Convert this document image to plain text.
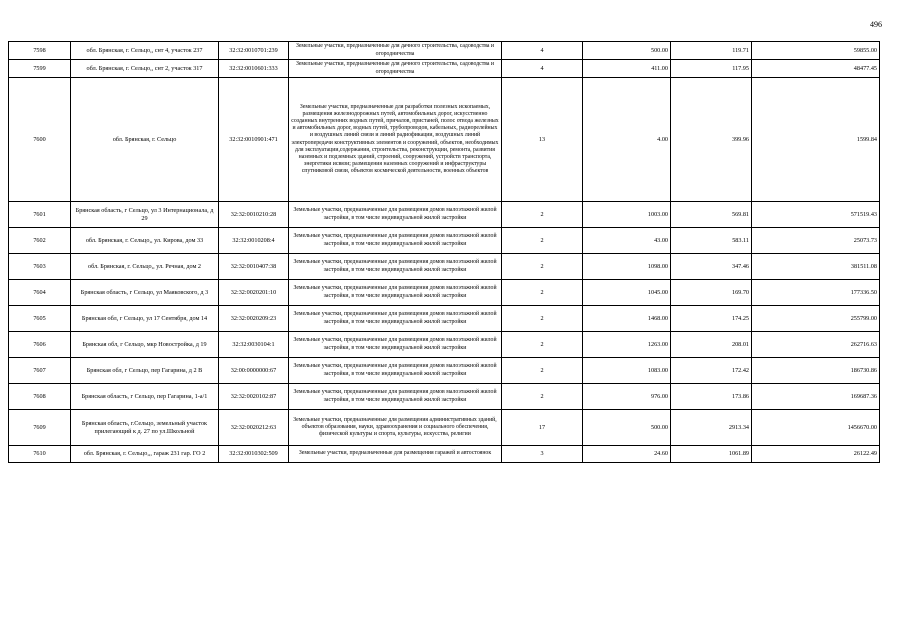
496
7598	обл. Брянская, г. Сельцо,, снт 4, участок 237	32:32:0010701:239	Земельные участки, предназначенные для дачного строительства, садоводства и огородничества	4	500.00	119.71	59855.00
7599	обл. Брянская, г. Сельцо,, снт 2, участок 317	32:32:0010601:333	Земельные участки, предназначенные для дачного строительства, садоводства и огородничества	4	411.00	117.95	48477.45
7600	обл. Брянская, г. Сельцо	32:32:0010901:471	Земельные участки, предназначенные для разработки полезных ископаемых, размещения железнодорожных путей, автомобильных дорог, искусственно созданных внутренних водных путей, причалов, пристаней, полос отвода железных и автомобильных дорог, водных путей, трубопроводов, кабельных, радиорелейных и воздушных линий связи и линий радиофикации, воздушных линий электропередачи конструктивных элементов и сооружений, объектов, необходимых для эксплуатации,содержания, строительства, реконструкции, ремонта, развития наземных и подземных зданий, строений, сооружений, устройств транспорта, энергетики исвязи; размещения наземных сооружений и инфраструктуры спутниковой связи, объектов космической деятельности, военных объектов	13	4.00	399.96	1599.84
7601	Брянская область, г Сельцо, ул 3 Интернационала, д 29	32:32:0010210:28	Земельные участки, предназначенные для размещения домов малоэтажной жилой застройки, в том числе индивидуальной жилой застройки	2	1003.00	569.81	571519.43
7602	обл. Брянская, г. Сельцо,, ул. Кирова, дом 33	32:32:0010208:4	Земельные участки, предназначенные для размещения домов малоэтажной жилой застройки, в том числе индивидуальной жилой застройки	2	43.00	583.11	25073.73
7603	обл. Брянская, г. Сельцо,, ул. Речная, дом 2	32:32:0010407:38	Земельные участки, предназначенные для размещения домов малоэтажной жилой застройки, в том числе индивидуальной жилой застройки	2	1098.00	347.46	381511.08
7604	Брянская область, г Сельцо, ул Маяковского, д 3	32:32:0020201:10	Земельные участки, предназначенные для размещения домов малоэтажной жилой застройки, в том числе индивидуальной жилой застройки	2	1045.00	169.70	177336.50
7605	Брянская обл, г Сельцо, ул 17 Сентября, дом 14	32:32:0020209:23	Земельные участки, предназначенные для размещения домов малоэтажной жилой застройки, в том числе индивидуальной жилой застройки	2	1468.00	174.25	255799.00
7606	Брянская обл, г Сельцо, мкр Новостройка, д 19	32:32:0030104:1	Земельные участки, предназначенные для размещения домов малоэтажной жилой застройки, в том числе индивидуальной жилой застройки	2	1263.00	208.01	262716.63
7607	Брянская обл, г Сельцо, пер Гагарина, д 2 В	32:00:0000000:67	Земельные участки, предназначенные для размещения домов малоэтажной жилой застройки, в том числе индивидуальной жилой застройки	2	1083.00	172.42	186730.86
7608	Брянская область, г Сельцо, пер Гагарина, 1-а/1	32:32:0020102:87	Земельные участки, предназначенные для размещения домов малоэтажной жилой застройки, в том числе индивидуальной жилой застройки	2	976.00	173.86	169687.36
7609	Брянская область, г.Сельцо, земельный участок прилегающий к д. 27 по ул.Школьной	32:32:0020212:63	Земельные участки, предназначенные для размещения административных зданий, объектов образования, науки, здравоохранения и социального обеспечения, физической культуры и спорта, культуры, искусства, религии	17	500.00	2913.34	1456670.00
7610	обл. Брянская, г. Сельцо,,, гараж 231 гар. ГО 2	32:32:0010302:509	Земельные участки, предназначенные для размещения гаражей и автостоянок	3	24.60	1061.89	26122.49
